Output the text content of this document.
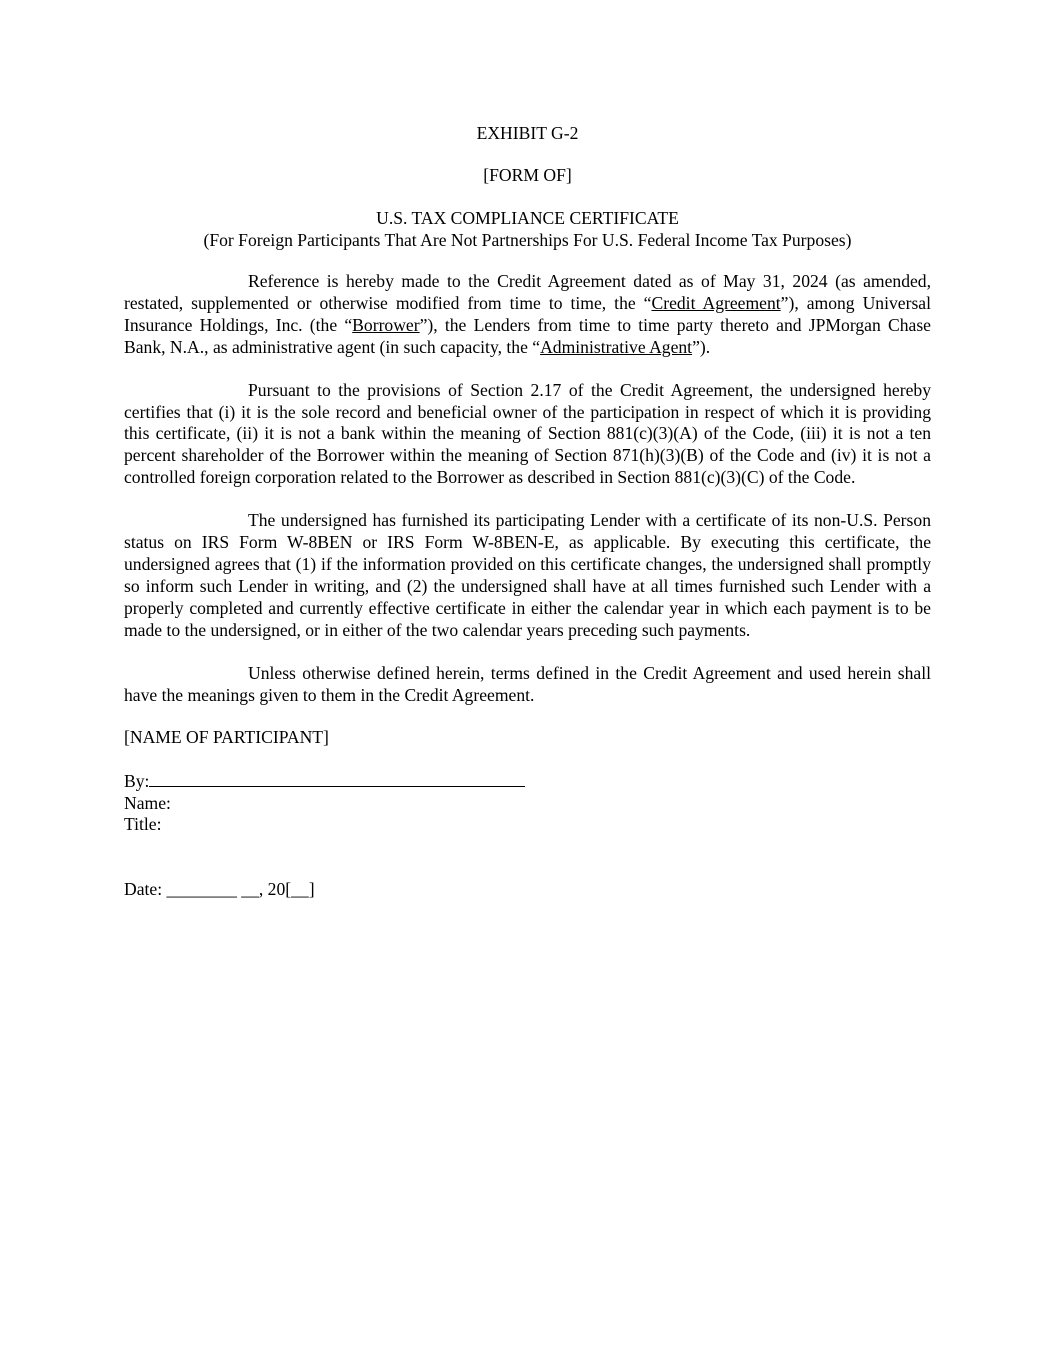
EXHIBIT G-2
[FORM OF]
U.S. TAX COMPLIANCE CERTIFICATE
(For Foreign Participants That Are Not Partnerships For U.S. Federal Income Tax Purposes)

Reference is hereby made to the Credit Agreement dated as of May 31, 2024 (as amended, restated, supplemented or otherwise modified from time to time, the “Credit Agreement”), among Universal Insurance Holdings, Inc. (the “Borrower”), the Lenders from time to time party thereto and JPMorgan Chase Bank, N.A., as administrative agent (in such capacity, the “Administrative Agent”).

Pursuant to the provisions of Section 2.17 of the Credit Agreement, the undersigned hereby certifies that (i) it is the sole record and beneficial owner of the participation in respect of which it is providing this certificate, (ii) it is not a bank within the meaning of Section 881(c)(3)(A) of the Code, (iii) it is not a ten percent shareholder of the Borrower within the meaning of Section 871(h)(3)(B) of the Code and (iv) it is not a controlled foreign corporation related to the Borrower as described in Section 881(c)(3)(C) of the Code.

The undersigned has furnished its participating Lender with a certificate of its non-U.S. Person status on IRS Form W-8BEN or IRS Form W-8BEN-E, as applicable. By executing this certificate, the undersigned agrees that (1) if the information provided on this certificate changes, the undersigned shall promptly so inform such Lender in writing, and (2) the undersigned shall have at all times furnished such Lender with a properly completed and currently effective certificate in either the calendar year in which each payment is to be made to the undersigned, or in either of the two calendar years preceding such payments.

Unless otherwise defined herein, terms defined in the Credit Agreement and used herein shall have the meanings given to them in the Credit Agreement.

[NAME OF PARTICIPANT]
By:
Name:
Title:
Date: ________ __, 20[__]
